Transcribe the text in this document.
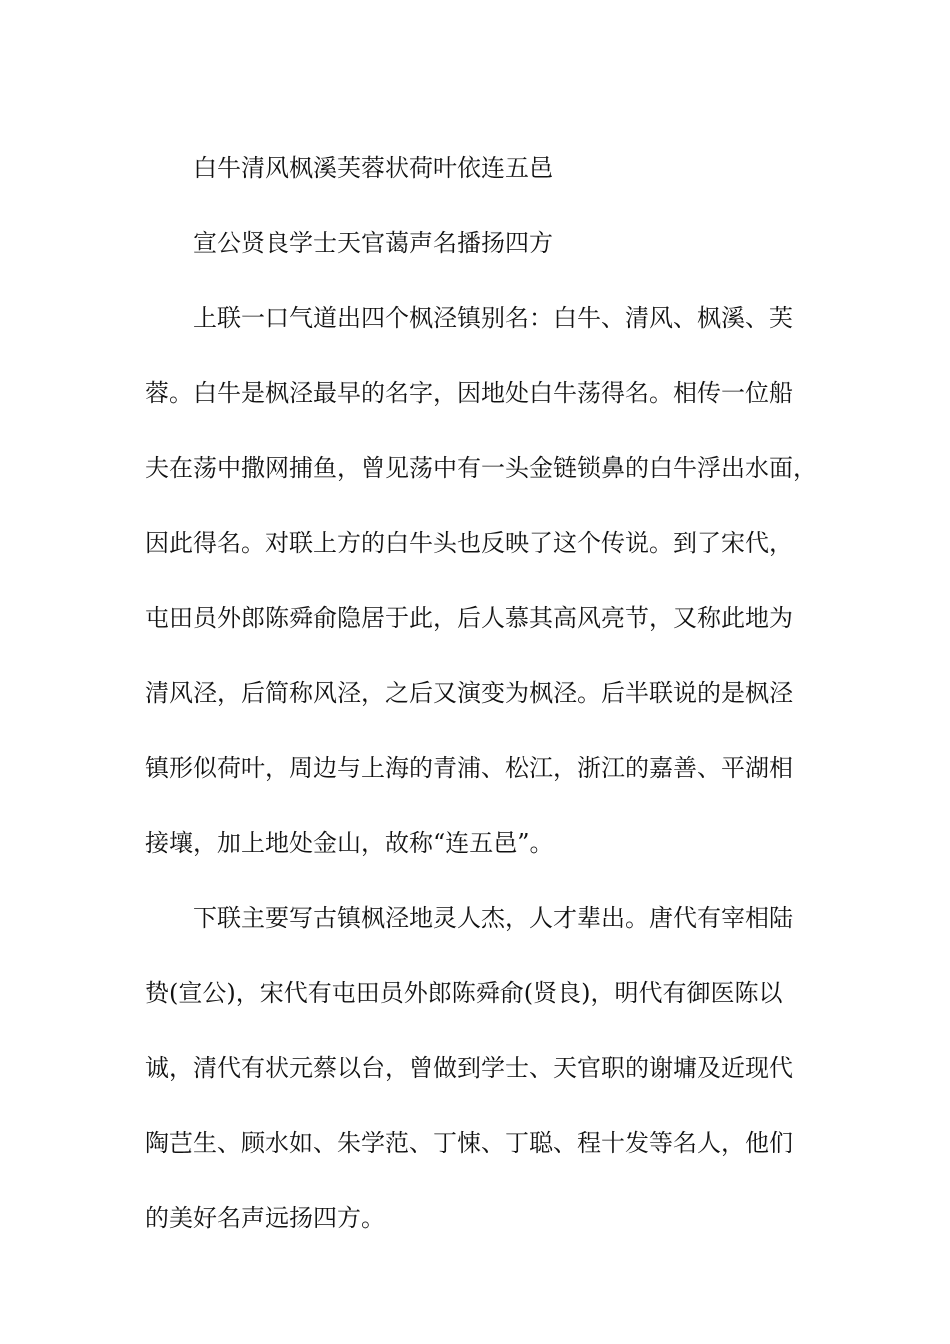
白牛清风枫溪芙蓉状荷叶依连五邑

宣公贤良学士天官蔼声名播扬四方

上联一口气道出四个枫泾镇别名：白牛、清风、枫溪、芙

蓉。白牛是枫泾最早的名字，因地处白牛荡得名。相传一位船

夫在荡中撒网捕鱼，曾见荡中有一头金链锁鼻的白牛浮出水面，

因此得名。对联上方的白牛头也反映了这个传说。到了宋代，

屯田员外郎陈舜俞隐居于此，后人慕其高风亮节，又称此地为

清风泾，后简称风泾，之后又演变为枫泾。后半联说的是枫泾

镇形似荷叶，周边与上海的青浦、松江，浙江的嘉善、平湖相

接壤，加上地处金山，故称“连五邑”。

下联主要写古镇枫泾地灵人杰，人才辈出。唐代有宰相陆

贽(宣公)，宋代有屯田员外郎陈舜俞(贤良)，明代有御医陈以

诚，清代有状元蔡以台，曾做到学士、天官职的谢墉及近现代

陶芑生、顾水如、朱学范、丁悚、丁聪、程十发等名人，他们

的美好名声远扬四方。
